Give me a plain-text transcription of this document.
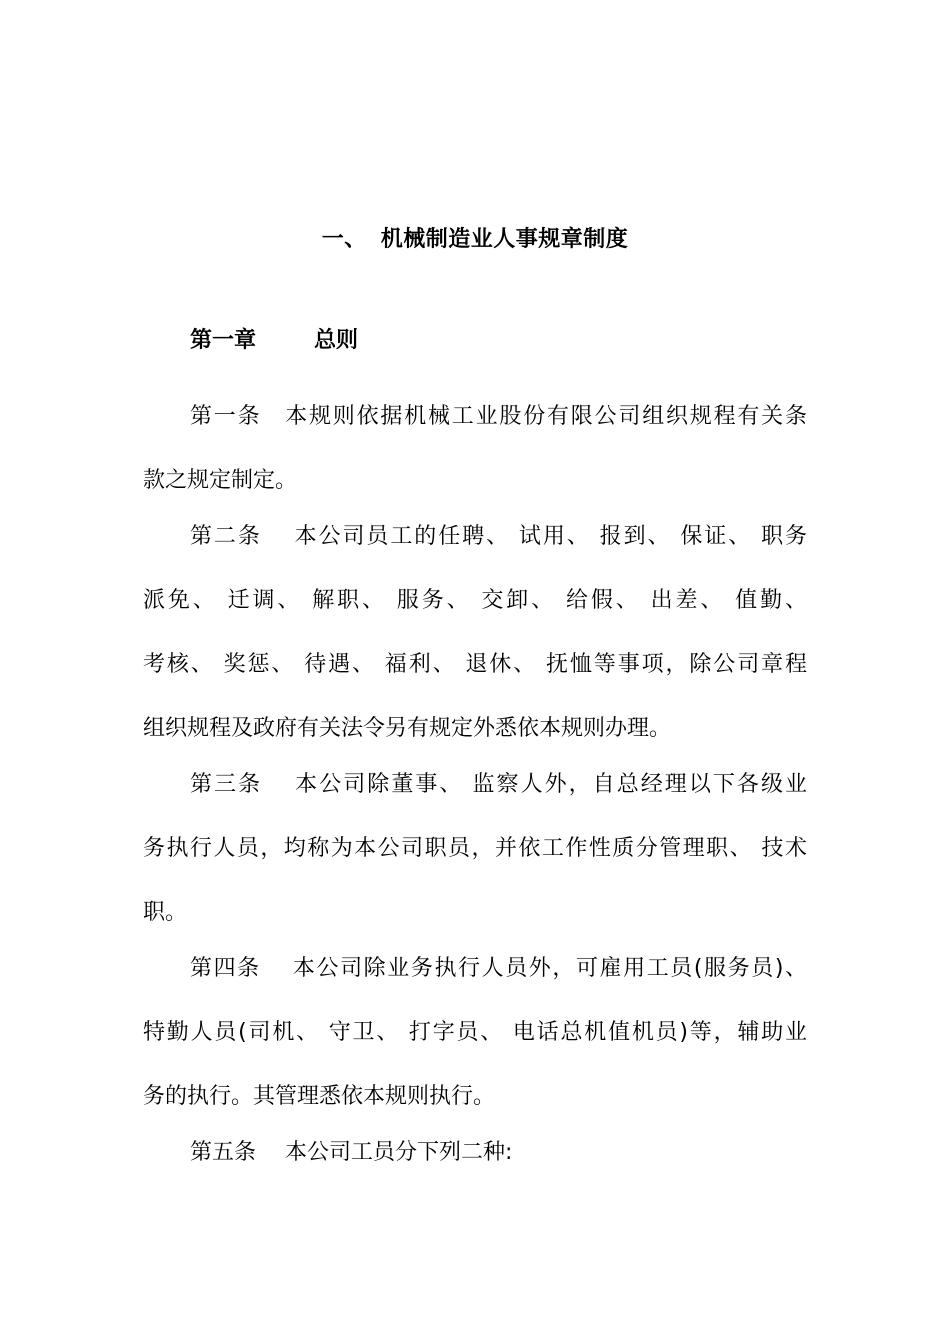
一、 机械制造业人事规章制度
第一章	总则
第一条　本规则依据机械工业股份有限公司组织规程有关条
款之规定制定。
第二条　 本公司员工的任聘、 试用、 报到、 保证、 职务
派免、 迁调、 解职、 服务、 交卸、 给假、 出差、 值勤、
考核、 奖惩、 待遇、 福利、 退休、 抚恤等事项，除公司章程
组织规程及政府有关法令另有规定外悉依本规则办理。
第三条　 本公司除董事、 监察人外，自总经理以下各级业
务执行人员，均称为本公司职员，并依工作性质分管理职、 技术
职。
第四条　 本公司除业务执行人员外，可雇用工员(服务员)、
特勤人员(司机、 守卫、 打字员、 电话总机值机员)等，辅助业
务的执行。其管理悉依本规则执行。
第五条　 本公司工员分下列二种:
